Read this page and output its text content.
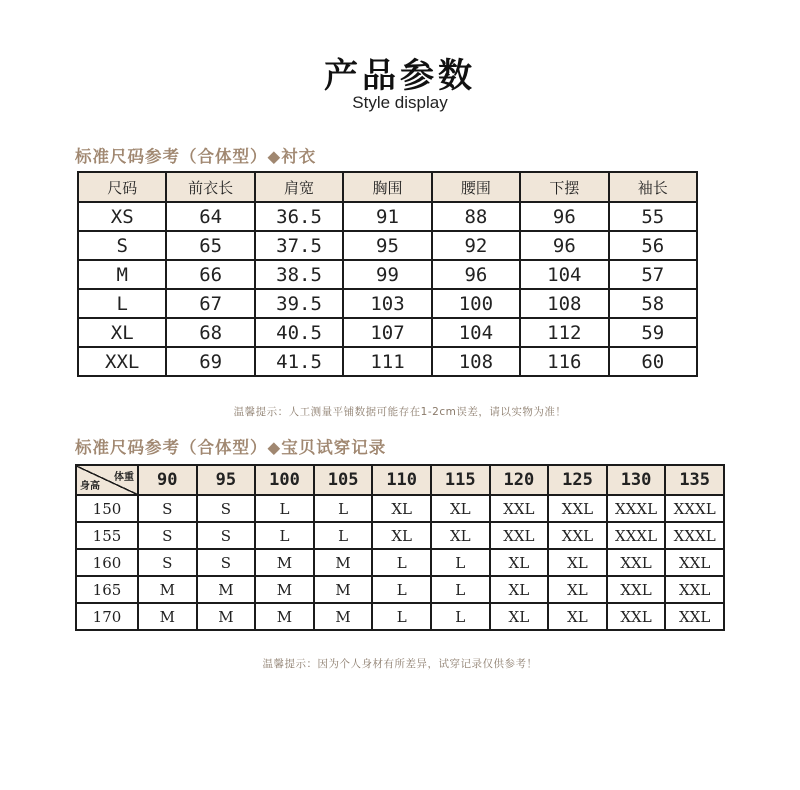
产品参数
Style display
标准尺码参考（合体型）◆衬衣
尺码	前衣长	肩宽	胸围	腰围	下摆	袖长
XS	64	36.5	91	88	96	55
S	65	37.5	95	92	96	56
M	66	38.5	99	96	104	57
L	67	39.5	103	100	108	58
XL	68	40.5	107	104	112	59
XXL	69	41.5	111	108	116	60
温馨提示：人工测量平铺数据可能存在1-2cm误差，请以实物为准！
标准尺码参考（合体型）◆宝贝试穿记录
体重
身高	90	95	100	105	110	115	120	125	130	135
150	S	S	L	L	XL	XL	XXL	XXL	XXXL	XXXL
155	S	S	L	L	XL	XL	XXL	XXL	XXXL	XXXL
160	S	S	M	M	L	L	XL	XL	XXL	XXL
165	M	M	M	M	L	L	XL	XL	XXL	XXL
170	M	M	M	M	L	L	XL	XL	XXL	XXL
温馨提示：因为个人身材有所差异，试穿记录仅供参考！
